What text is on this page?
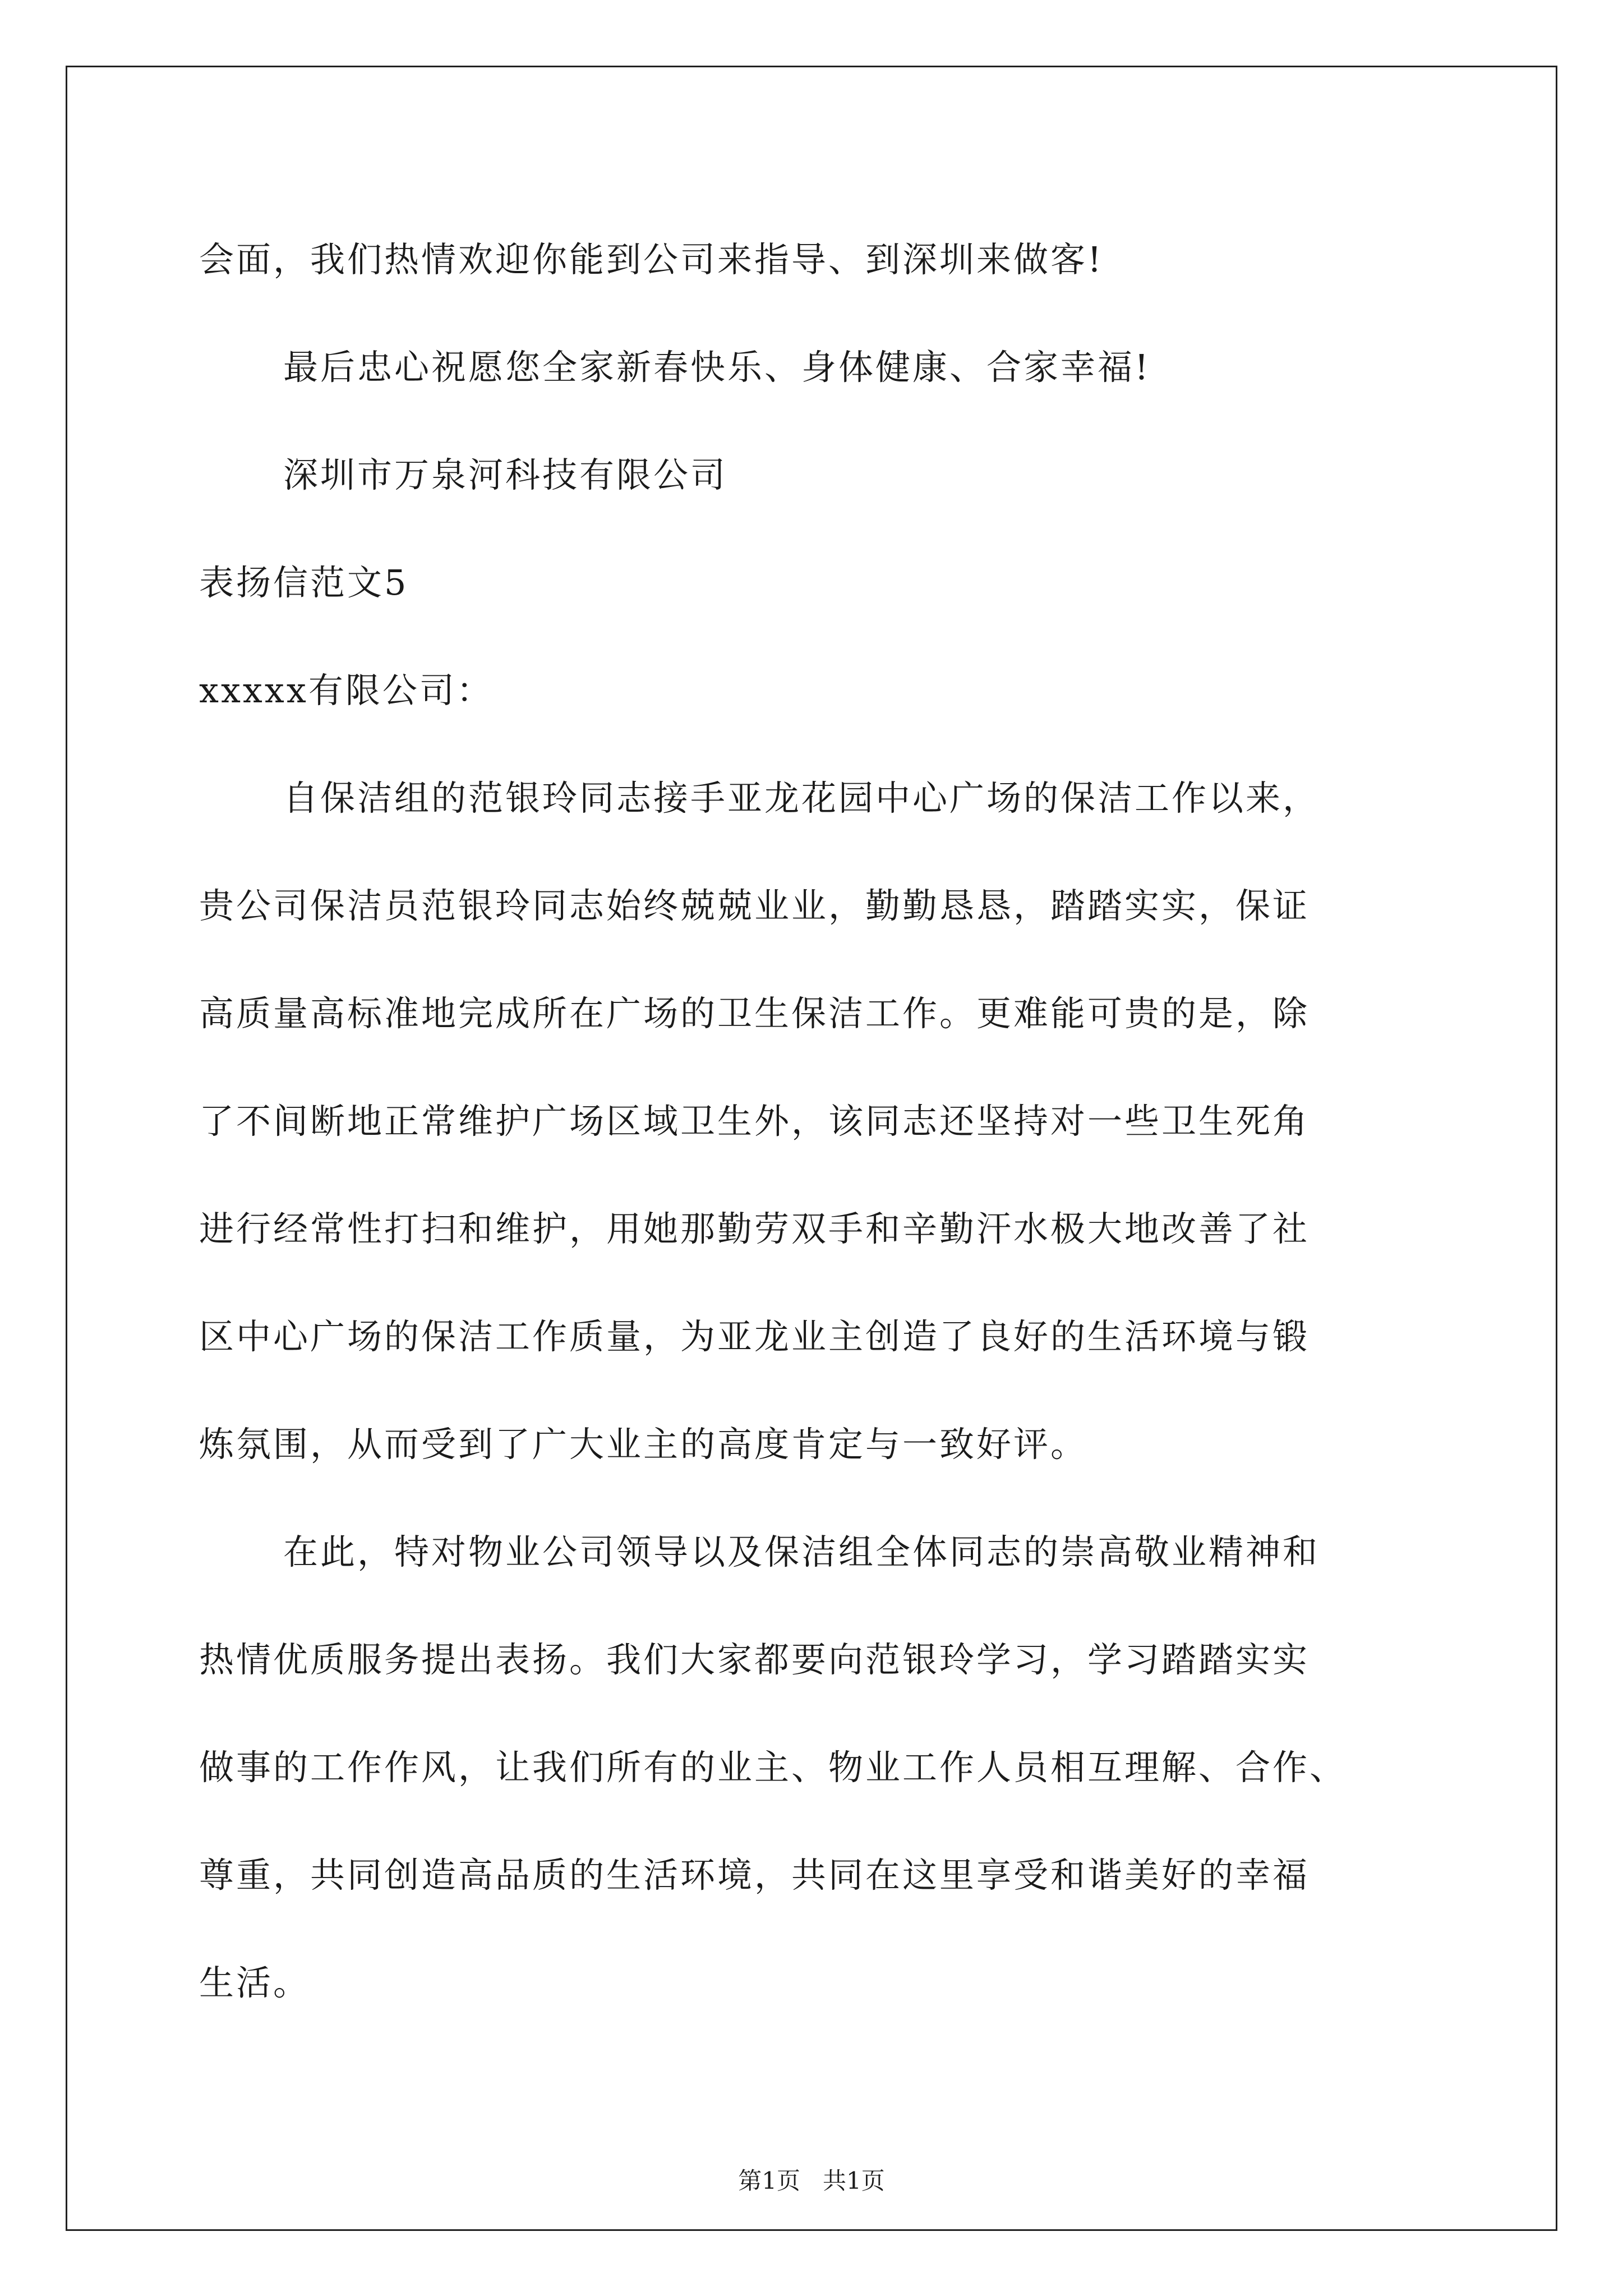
会面，我们热情欢迎你能到公司来指导、到深圳来做客!
最后忠心祝愿您全家新春快乐、身体健康、合家幸福!
深圳市万泉河科技有限公司
表扬信范文5
xxxxx有限公司：
自保洁组的范银玲同志接手亚龙花园中心广场的保洁工作以来，
贵公司保洁员范银玲同志始终兢兢业业，勤勤恳恳，踏踏实实，保证
高质量高标准地完成所在广场的卫生保洁工作。更难能可贵的是，除
了不间断地正常维护广场区域卫生外，该同志还坚持对一些卫生死角
进行经常性打扫和维护，用她那勤劳双手和辛勤汗水极大地改善了社
区中心广场的保洁工作质量，为亚龙业主创造了良好的生活环境与锻
炼氛围，从而受到了广大业主的高度肯定与一致好评。
在此，特对物业公司领导以及保洁组全体同志的崇高敬业精神和
热情优质服务提出表扬。我们大家都要向范银玲学习，学习踏踏实实
做事的工作作风，让我们所有的业主、物业工作人员相互理解、合作、
尊重，共同创造高品质的生活环境，共同在这里享受和谐美好的幸福
生活。
第1页   共1页
